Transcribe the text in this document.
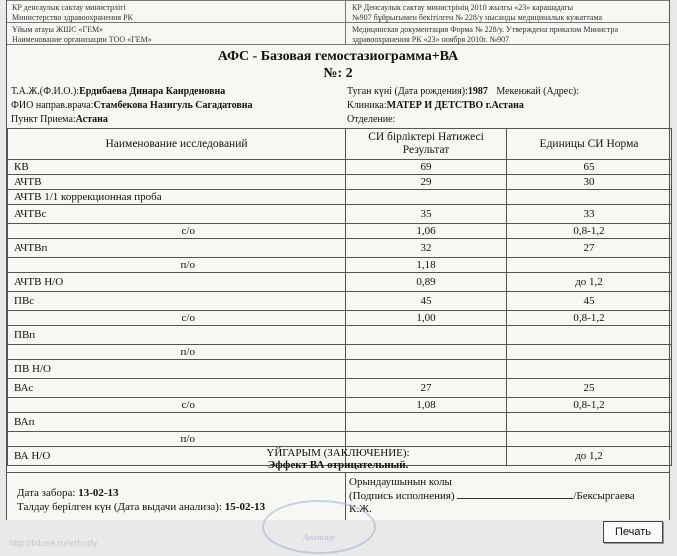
КР денсаулык сактау министрлігі
Министерство здравоохранения РК
Ұйым атауы ЖШС «ГЕМ»
Наименование организации ТОО «ГЕМ»
КР Денсаулык сактау министрінің 2010 жылгы «23» карашадагы
№907 бұйрығымен бекітілген № 228/у нысанды медициналык кужаттама
Медицинская документация Форма № 228/у. Утверждена приказом Министра
здравоохранения РК «23» ноября 2010г. №907
АФС - Базовая гемостазиограмма+ВА
№: 2
Т.А.Ж.(Ф.И.О.):Ердибаева Динара Канрденовна	Туган күні (Дата рождения):1987 Мекенжай (Адрес):
ФИО направ.врача:Стамбекова Назигуль Сагадатовна	Клиника:МАТЕР И ДЕТСТВО г.Астана
Пункт Приема:Астана	Отделение:
Наименование исследований	СИ бірліктері Натижесі Результат	Единицы СИ Норма
КВ	69	65
АЧТВ	29	30
АЧТВ 1/1 коррекционная проба		
АЧТВс	35	33
с/о	1,06	0,8-1,2
АЧТВп	32	27
п/о	1,18	
АЧТВ Н/О	0,89	до 1,2
ПВс	45	45
с/о	1,00	0,8-1,2
ПВп		
п/о		
ПВ Н/О		
ВАс	27	25
с/о	1,08	0,8-1,2
ВАп		
п/о		
ВА Н/О		до 1,2
ҮЙГАРЫМ (ЗАКЛЮЧЕНИЕ):
Эффект ВА отрицательный.
Дата забора: 13-02-13
Талдау берілген күн (Дата выдачи анализа): 15-02-13
Орындаушынын колы
(Подпись исполнения)	/Бексыргаева
К.Ж.
Анализир	Печать
http://lidusa.ru/ezhudy
